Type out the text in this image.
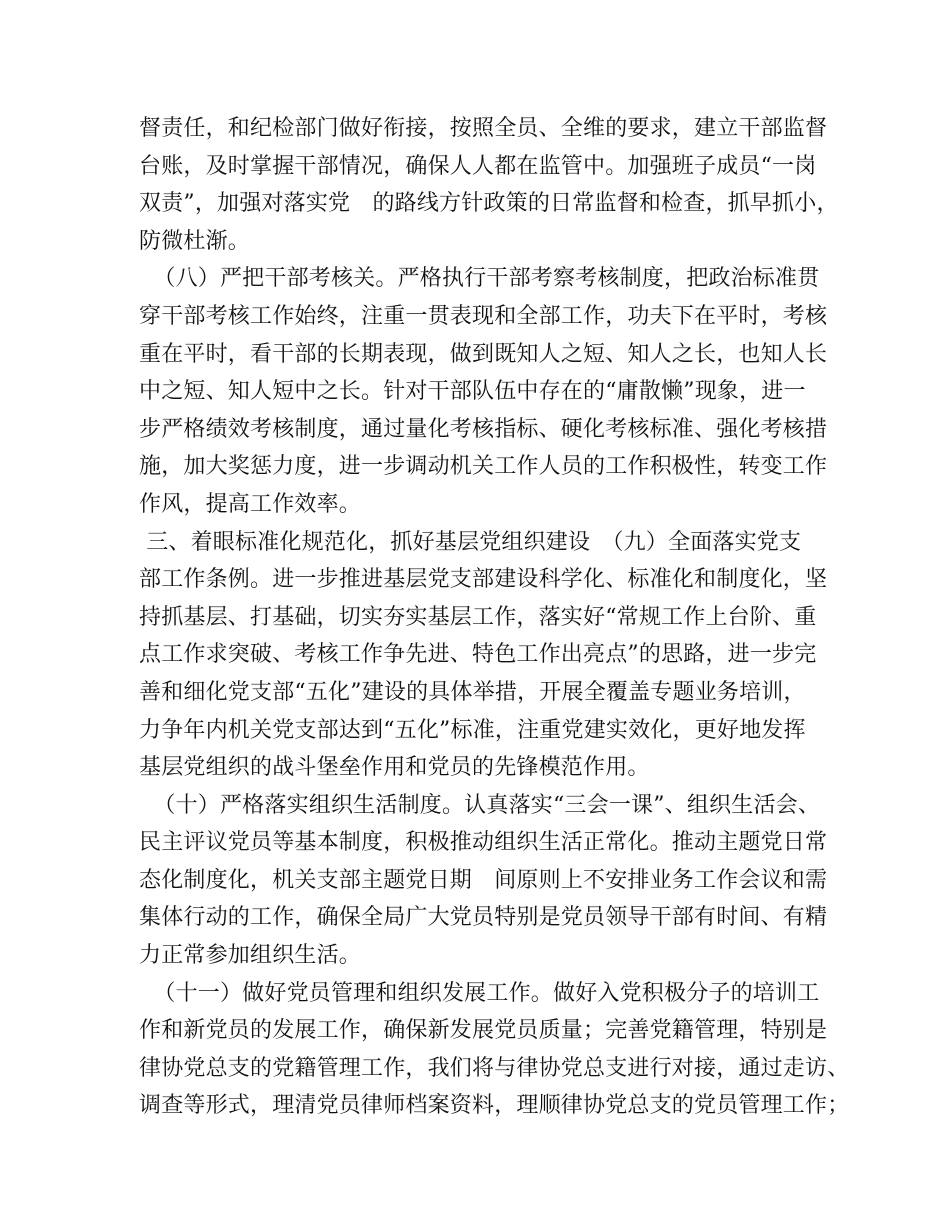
督责任，和纪检部门做好衔接，按照全员、全维的要求，建立干部监督
台账，及时掌握干部情况，确保人人都在监管中。加强班子成员“一岗
双责”，加强对落实党　的路线方针政策的日常监督和检查，抓早抓小，
防微杜渐。
（八）严把干部考核关。严格执行干部考察考核制度，把政治标准贯
穿干部考核工作始终，注重一贯表现和全部工作，功夫下在平时，考核
重在平时，看干部的长期表现，做到既知人之短、知人之长，也知人长
中之短、知人短中之长。针对干部队伍中存在的“庸散懒”现象，进一
步严格绩效考核制度，通过量化考核指标、硬化考核标准、强化考核措
施，加大奖惩力度，进一步调动机关工作人员的工作积极性，转变工作
作风，提高工作效率。
三、着眼标准化规范化，抓好基层党组织建设　（九）全面落实党支
部工作条例。进一步推进基层党支部建设科学化、标准化和制度化，坚
持抓基层、打基础，切实夯实基层工作，落实好“常规工作上台阶、重
点工作求突破、考核工作争先进、特色工作出亮点”的思路，进一步完
善和细化党支部“五化”建设的具体举措，开展全覆盖专题业务培训，
力争年内机关党支部达到“五化”标准，注重党建实效化，更好地发挥
基层党组织的战斗堡垒作用和党员的先锋模范作用。
（十）严格落实组织生活制度。认真落实“三会一课”、组织生活会、
民主评议党员等基本制度，积极推动组织生活正常化。推动主题党日常
态化制度化，机关支部主题党日期　间原则上不安排业务工作会议和需
集体行动的工作，确保全局广大党员特别是党员领导干部有时间、有精
力正常参加组织生活。
（十一）做好党员管理和组织发展工作。做好入党积极分子的培训工
作和新党员的发展工作，确保新发展党员质量；完善党籍管理，特别是
律协党总支的党籍管理工作，我们将与律协党总支进行对接，通过走访、
调查等形式，理清党员律师档案资料，理顺律协党总支的党员管理工作；
